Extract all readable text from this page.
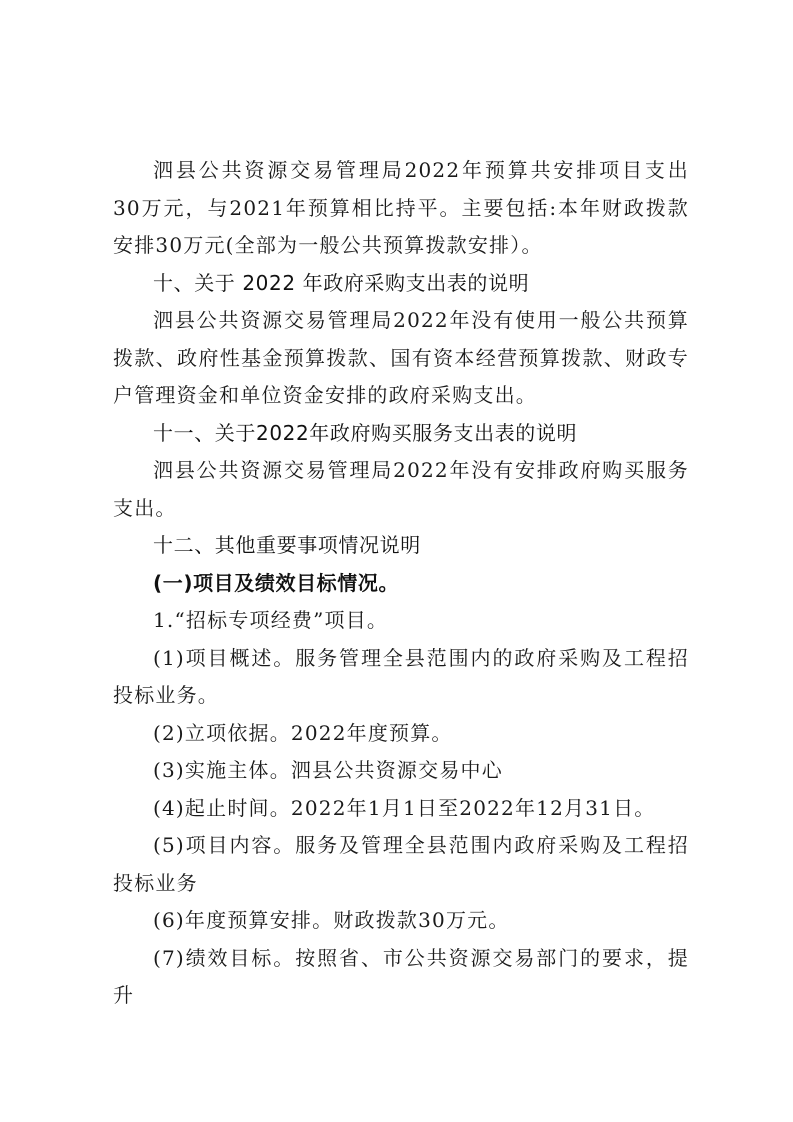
泗县公共资源交易管理局2022年预算共安排项目支出 30万元，与2021年预算相比持平。主要包括:本年财政拨款安排30万元(全部为一般公共预算拨款安排）。

十、关于 2022 年政府采购支出表的说明

泗县公共资源交易管理局2022年没有使用一般公共预算拨款、政府性基金预算拨款、国有资本经营预算拨款、财政专户管理资金和单位资金安排的政府采购支出。

十一、关于2022年政府购买服务支出表的说明

泗县公共资源交易管理局2022年没有安排政府购买服务支出。

十二、其他重要事项情况说明

(一)项目及绩效目标情况。

1.“招标专项经费”项目。

(1)项目概述。服务管理全县范围内的政府采购及工程招投标业务。

(2)立项依据。2022年度预算。

(3)实施主体。泗县公共资源交易中心

(4)起止时间。2022年1月1日至2022年12月31日。

(5)项目内容。服务及管理全县范围内政府采购及工程招投标业务

(6)年度预算安排。财政拨款30万元。

(7)绩效目标。按照省、市公共资源交易部门的要求，提升
